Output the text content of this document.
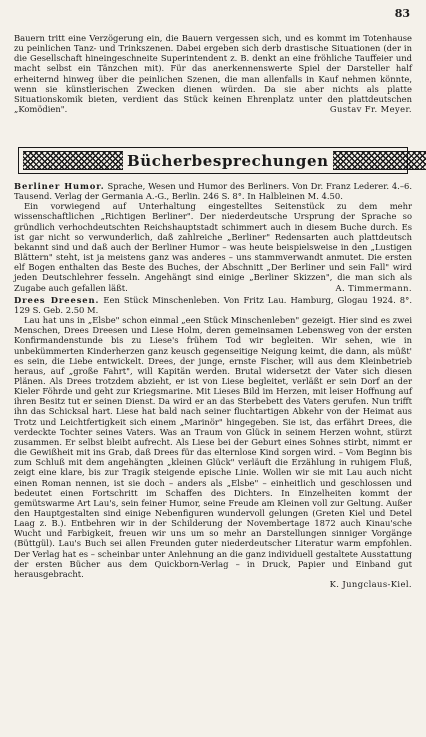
83

Bauern tritt eine Verzögerung ein, die Bauern vergessen sich, und es kommt im Totenhause zu peinlichen Tanz- und Trinkszenen. Dabei ergeben sich derb drastische Situationen (der in die Gesellschaft hineingeschneite Superintendent z. B. denkt an eine fröhliche Tauffeier und macht selbst ein Tänzchen mit). Für das anerkennenswerte Spiel der Darsteller half erheiternd hinweg über die peinlichen Szenen, die man allenfalls in Kauf nehmen könnte, wenn sie künstlerischen Zwecken dienen würden. Da sie aber nichts als platte Situationskomik bieten, verdient das Stück keinen Ehrenplatz unter den plattdeutschen „Komödien".	Gustav Fr. Meyer.

Bücherbesprechungen

Berliner Humor. Sprache, Wesen und Humor des Berliners. Von Dr. Franz Lederer. 4.–6. Tausend. Verlag der Germania A.-G., Berlin. 246 S. 8°. In Halbleinen M. 4.50.

Ein vorwiegend auf Unterhaltung eingestelltes Seitenstück zu dem mehr wissenschaftlichen „Richtigen Berliner". Der niederdeutsche Ursprung der Sprache so gründlich verhochdeutschten Reichshauptstadt schimmert auch in diesem Buche durch. Es ist gar nicht so verwunderlich, daß zahlreiche „Berliner" Redensarten auch plattdeutsch bekannt sind und daß auch der Berliner Humor – was heute beispielsweise in den „Lustigen Blättern" steht, ist ja meistens ganz was anderes – uns stammverwandt anmutet. Die ersten elf Bogen enthalten das Beste des Buches, der Abschnitt „Der Berliner und sein Fall" wird jeden Deutschlehrer fesseln. Angehängt sind einige „Berliner Skizzen", die man sich als Zugabe auch gefallen läßt.	A. Timmermann.

Drees Dreesen. Een Stück Minschenleben. Von Fritz Lau. Hamburg, Glogau 1924. 8°. 129 S. Geb. 2.50 M.

Lau hat uns in „Elsbe" schon einmal „een Stück Minschenleben" gezeigt. Hier sind es zwei Menschen, Drees Dreesen und Liese Holm, deren gemeinsamen Lebensweg von der ersten Konfirmandenstunde bis zu Liese's frühem Tod wir begleiten. Wir sehen, wie in unbekümmerten Kinderherzen ganz keusch gegenseitige Neigung keimt, die dann, als müßt' es sein, die Liebe entwickelt. Drees, der junge, ernste Fischer, will aus dem Kleinbetrieb heraus, auf „große Fahrt", will Kapitän werden. Brutal widersetzt der Vater sich diesen Plänen. Als Drees trotzdem abzieht, er ist von Liese begleitet, verläßt er sein Dorf an der Kieler Föhrde und geht zur Kriegsmarine. Mit Lieses Bild im Herzen, mit leiser Hoffnung auf ihren Besitz tut er seinen Dienst. Da wird er an das Sterbebett des Vaters gerufen. Nun trifft ihn das Schicksal hart. Liese hat bald nach seiner fluchtartigen Abkehr von der Heimat aus Trotz und Leichtfertigkeit sich einem „Marinör" hingegeben. Sie ist, das erfährt Drees, die verdeckte Tochter seines Vaters. Was an Traum von Glück in seinem Herzen wohnt, stürzt zusammen. Er selbst bleibt aufrecht. Als Liese bei der Geburt eines Sohnes stirbt, nimmt er die Gewißheit mit ins Grab, daß Drees für das elternlose Kind sorgen wird. – Vom Beginn bis zum Schluß mit dem angehängten „kleinen Glück" verläuft die Erzählung in ruhigem Fluß, zeigt eine klare, bis zur Tragik steigende epische Linie. Wollen wir sie mit Lau auch nicht einen Roman nennen, ist sie doch – anders als „Elsbe" – einheitlich und geschlossen und bedeutet einen Fortschritt im Schaffen des Dichters. In Einzelheiten kommt der gemütswarme Art Lau's, sein feiner Humor, seine Freude am Kleinen voll zur Geltung. Außer den Hauptgestalten sind einige Nebenfiguren wundervoll gelungen (Greten Kiel und Detel Laag z. B.). Entbehren wir in der Schilderung der Novembertage 1872 auch Kinau'sche Wucht und Farbigkeit, freuen wir uns um so mehr an Darstellungen sinniger Vorgänge (Büttgül). Lau's Buch sei allen Freunden guter niederdeutscher Literatur warm empfohlen. Der Verlag hat es – scheinbar unter Anlehnung an die ganz individuell gestaltete Ausstattung der ersten Bücher aus dem Quickborn-Verlag – in Druck, Papier und Einband gut herausgebracht.

K. Jungclaus-Kiel.
